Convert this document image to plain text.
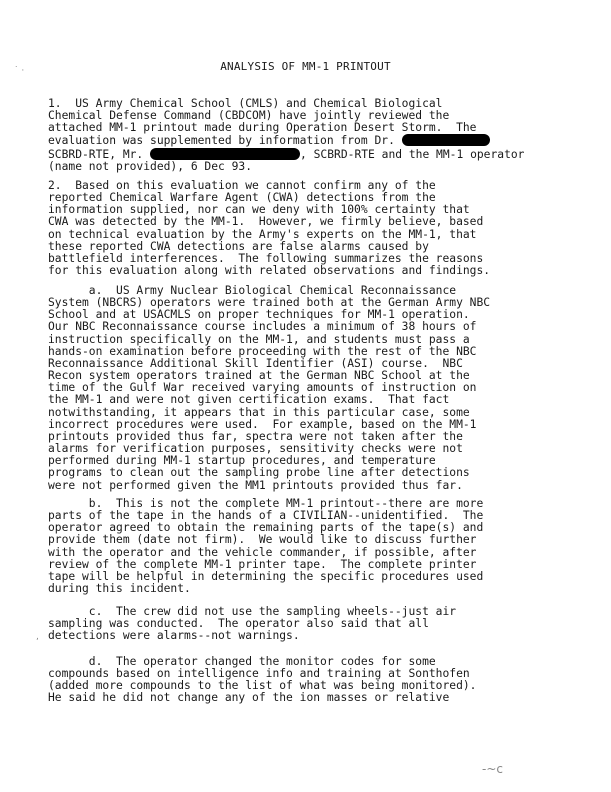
ANALYSIS OF MM-1 PRINTOUT
1.  US Army Chemical School (CMLS) and Chemical Biological
Chemical Defense Command (CBDCOM) have jointly reviewed the
attached MM-1 printout made during Operation Desert Storm.  The
evaluation was supplemented by information from Dr.
SCBRD-RTE, Mr.	, SCBRD-RTE and the MM-1 operator
(name not provided), 6 Dec 93.
2.  Based on this evaluation we cannot confirm any of the
reported Chemical Warfare Agent (CWA) detections from the
information supplied, nor can we deny with 100% certainty that
CWA was detected by the MM-1.  However, we firmly believe, based
on technical evaluation by the Army's experts on the MM-1, that
these reported CWA detections are false alarms caused by
battlefield interferences.  The following summarizes the reasons
for this evaluation along with related observations and findings.
a.  US Army Nuclear Biological Chemical Reconnaissance
System (NBCRS) operators were trained both at the German Army NBC
School and at USACMLS on proper techniques for MM-1 operation.
Our NBC Reconnaissance course includes a minimum of 38 hours of
instruction specifically on the MM-1, and students must pass a
hands-on examination before proceeding with the rest of the NBC
Reconnaissance Additional Skill Identifier (ASI) course.  NBC
Recon system operators trained at the German NBC School at the
time of the Gulf War received varying amounts of instruction on
the MM-1 and were not given certification exams.  That fact
notwithstanding, it appears that in this particular case, some
incorrect procedures were used.  For example, based on the MM-1
printouts provided thus far, spectra were not taken after the
alarms for verification purposes, sensitivity checks were not
performed during MM-1 startup procedures, and temperature
programs to clean out the sampling probe line after detections
were not performed given the MM1 printouts provided thus far.
b.  This is not the complete MM-1 printout--there are more
parts of the tape in the hands of a CIVILIAN--unidentified.  The
operator agreed to obtain the remaining parts of the tape(s) and
provide them (date not firm).  We would like to discuss further
with the operator and the vehicle commander, if possible, after
review of the complete MM-1 printer tape.  The complete printer
tape will be helpful in determining the specific procedures used
during this incident.
c.  The crew did not use the sampling wheels--just air
sampling was conducted.  The operator also said that all
detections were alarms--not warnings.
d.  The operator changed the monitor codes for some
compounds based on intelligence info and training at Sonthofen
(added more compounds to the list of what was being monitored).
He said he did not change any of the ion masses or relative
˙ ·
,
-~c
